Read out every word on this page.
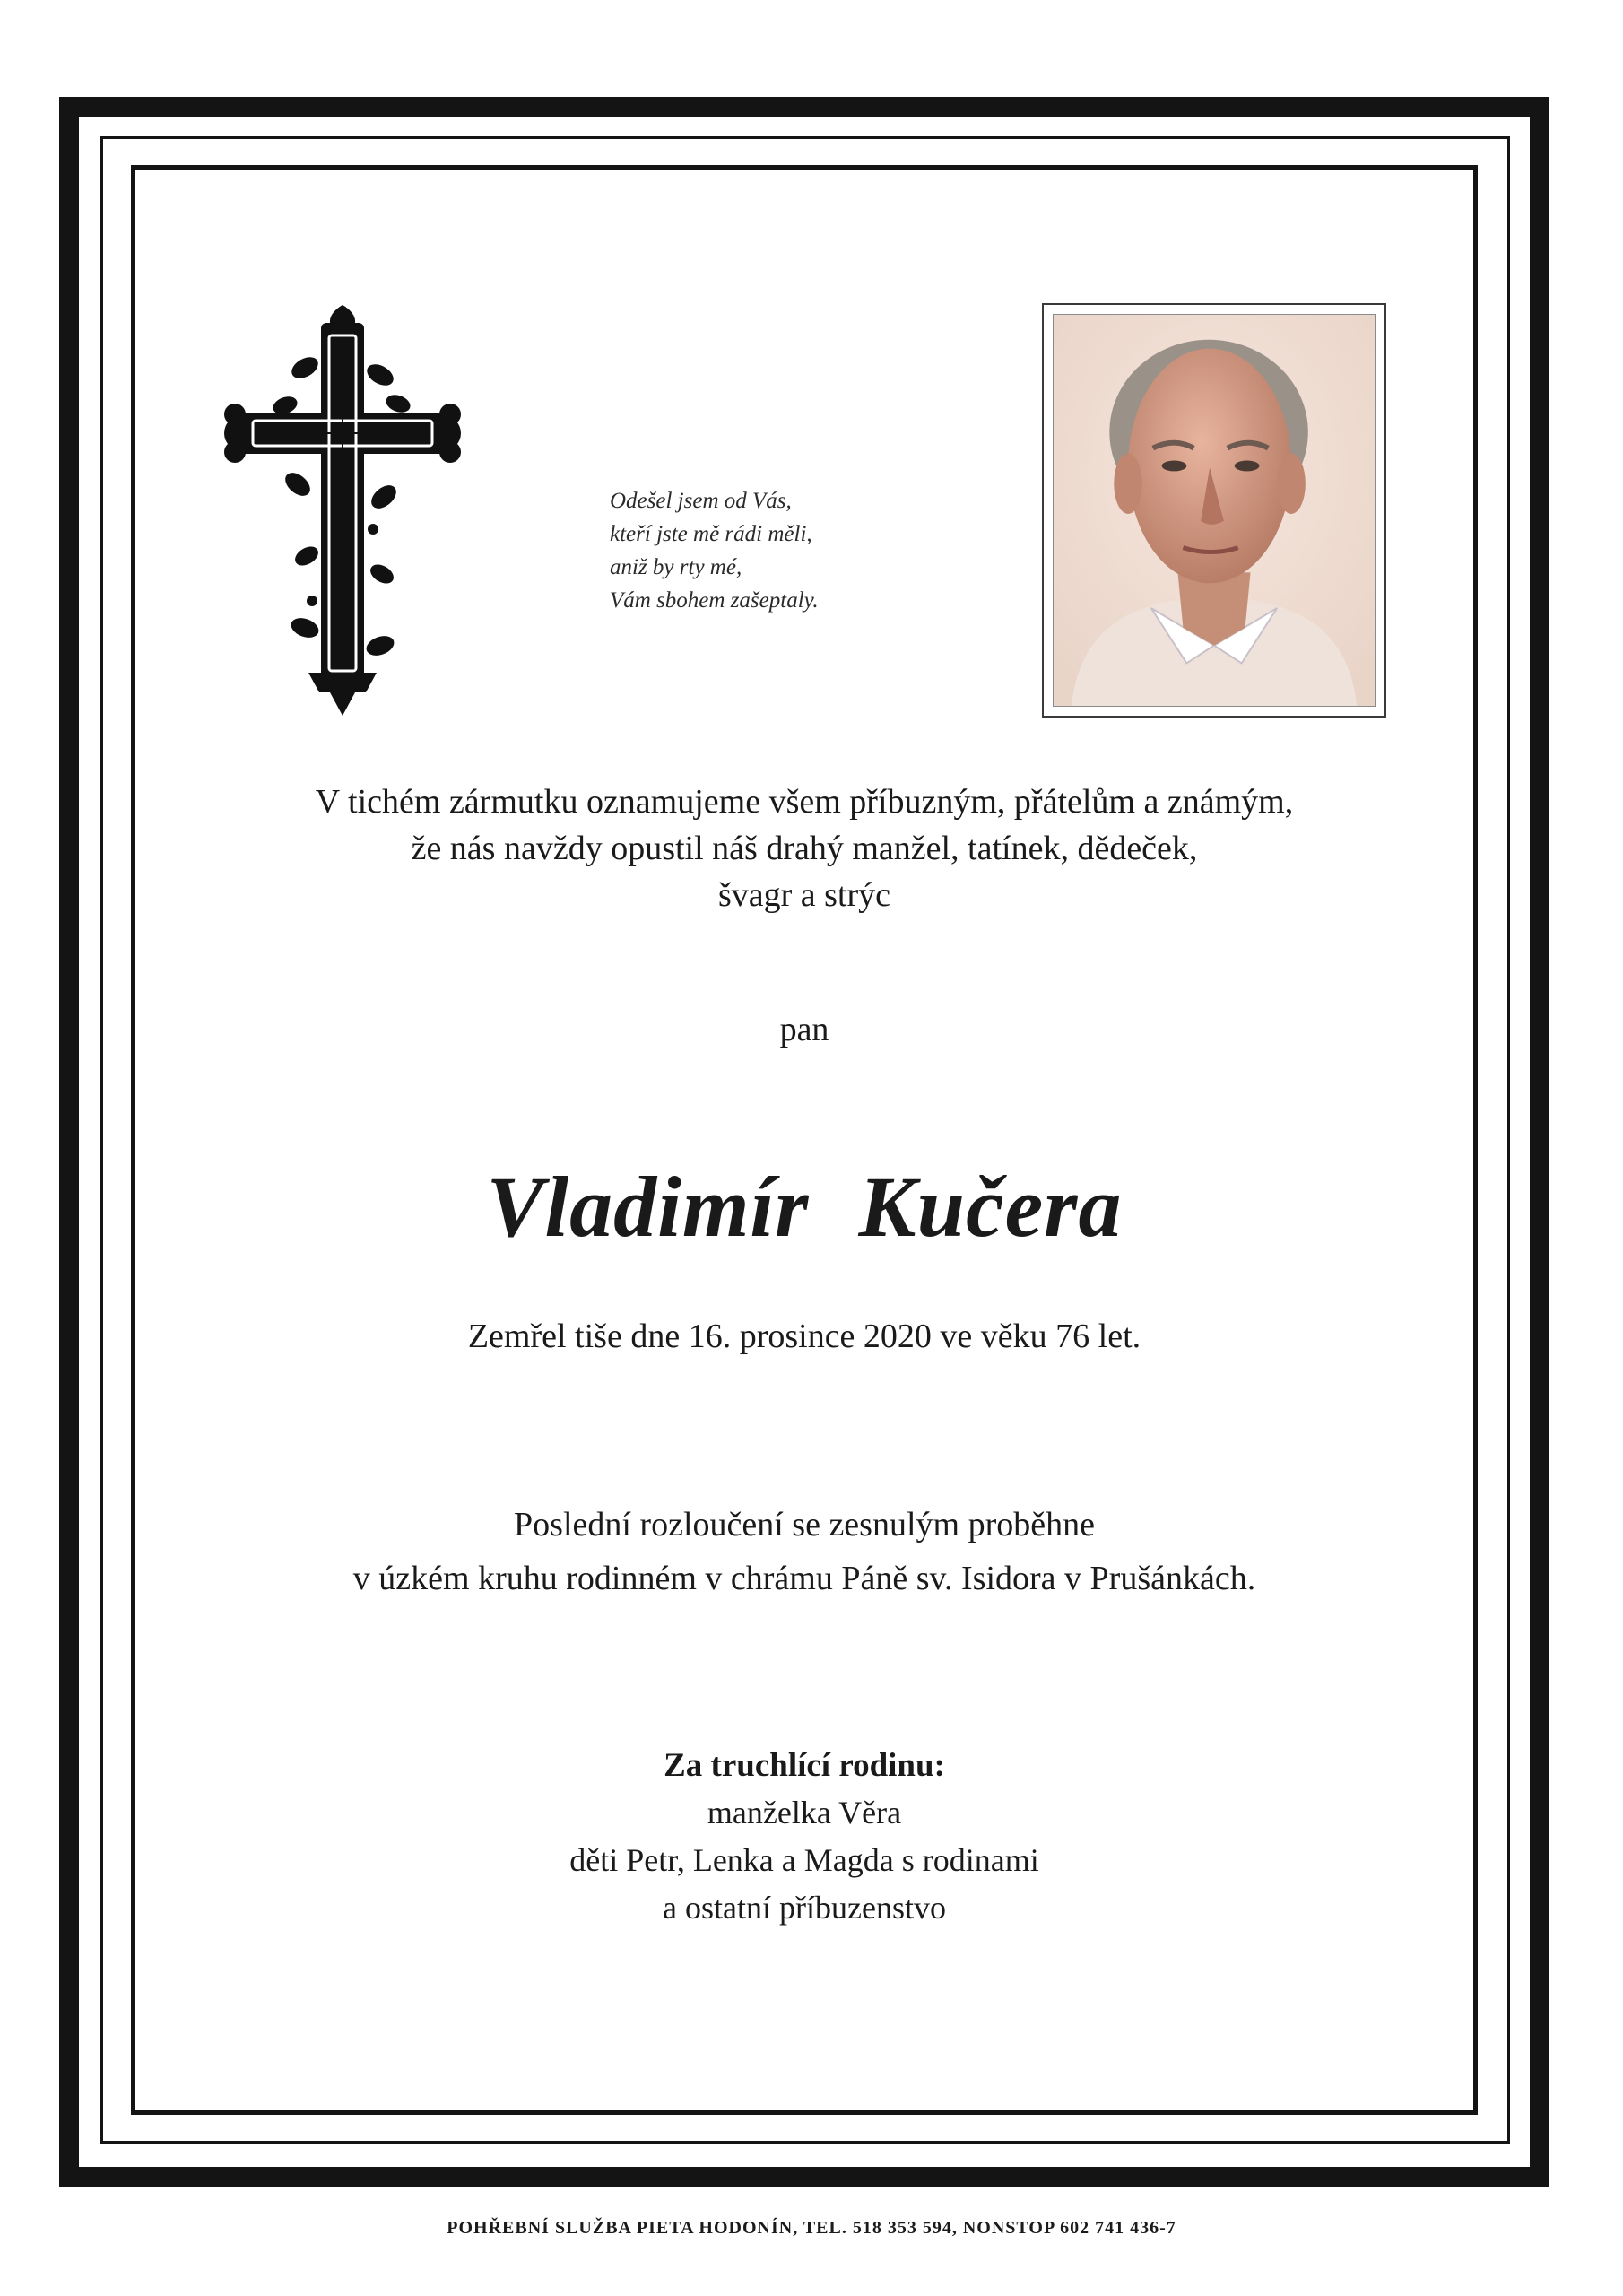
Odešel jsem od Vás,
kteří jste mě rádi měli,
aniž by rty mé,
Vám sbohem zašeptaly.
V tichém zármutku oznamujeme všem příbuzným, přátelům a známým,
že nás navždy opustil náš drahý manžel, tatínek, dědeček,
švagr a strýc
pan
Vladimír Kučera
Zemřel tiše dne 16. prosince 2020 ve věku 76 let.
Poslední rozloučení se zesnulým proběhne
v úzkém kruhu rodinném v chrámu Páně sv. Isidora v Prušánkách.
Za truchlící rodinu:
manželka Věra
děti Petr, Lenka a Magda s rodinami
a ostatní příbuzenstvo
POHŘEBNÍ SLUŽBA PIETA HODONÍN, TEL. 518 353 594, NONSTOP 602 741 436-7
